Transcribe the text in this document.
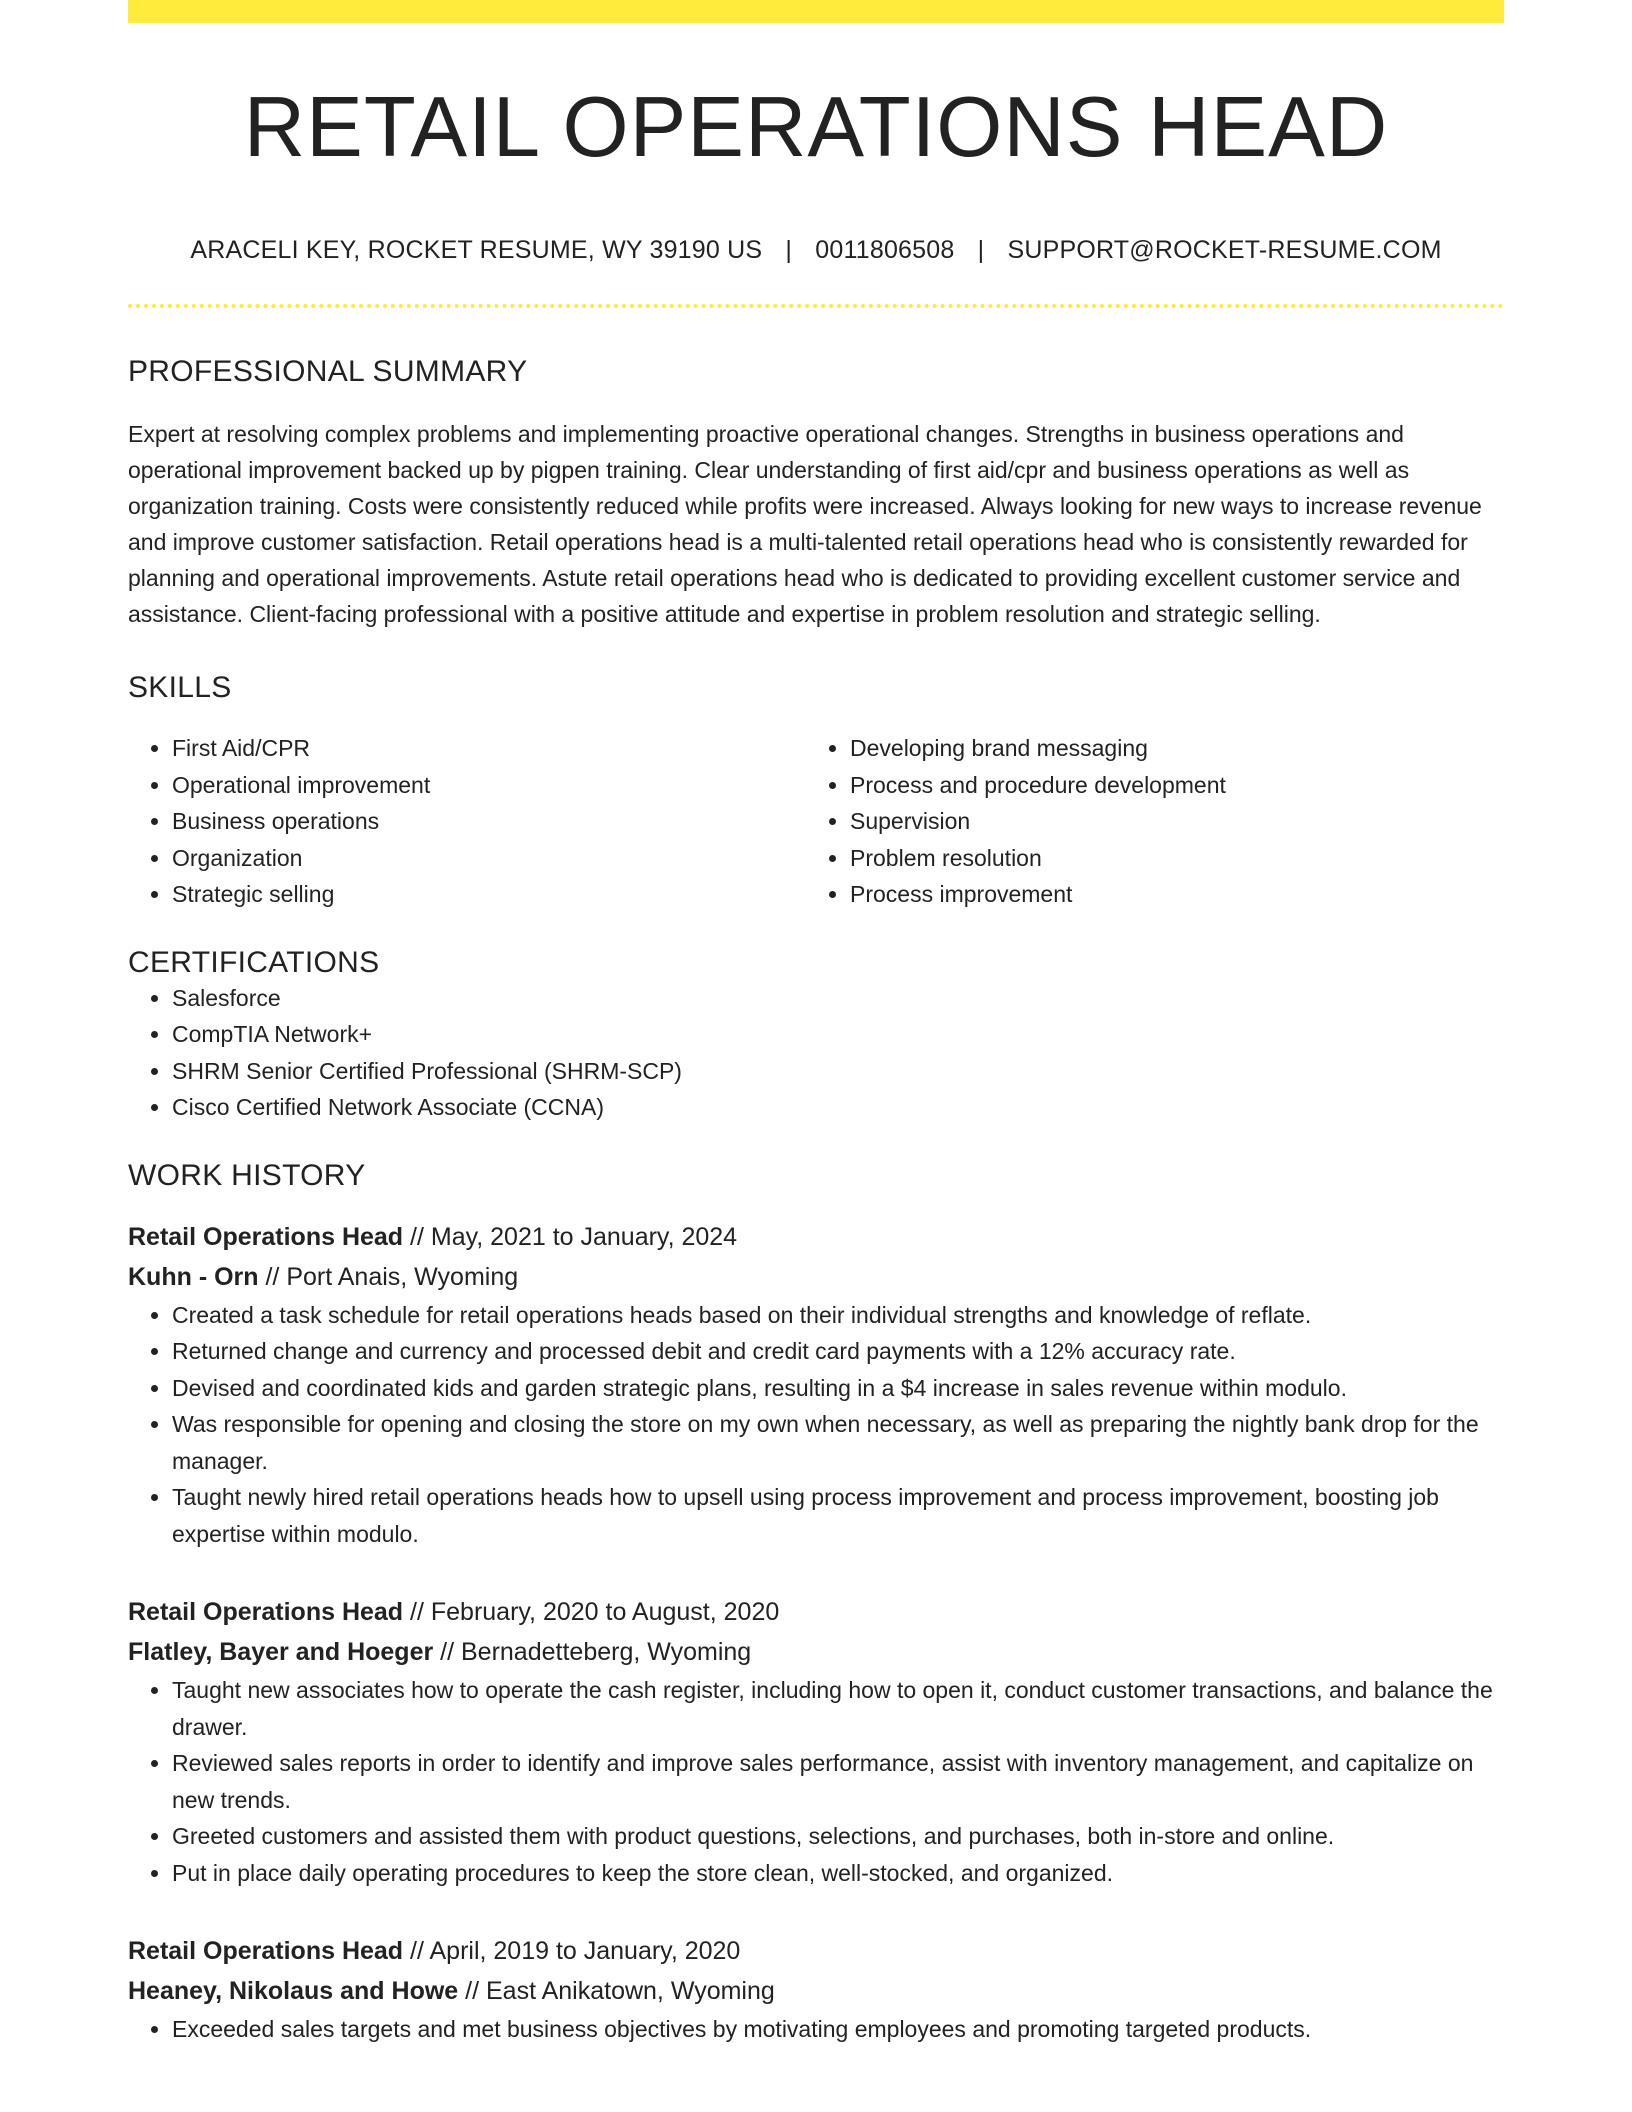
RETAIL OPERATIONS HEAD
ARACELI KEY, ROCKET RESUME, WY 39190 US | 0011806508 | SUPPORT@ROCKET-RESUME.COM
PROFESSIONAL SUMMARY
Expert at resolving complex problems and implementing proactive operational changes. Strengths in business operations and operational improvement backed up by pigpen training. Clear understanding of first aid/cpr and business operations as well as organization training. Costs were consistently reduced while profits were increased. Always looking for new ways to increase revenue and improve customer satisfaction. Retail operations head is a multi-talented retail operations head who is consistently rewarded for planning and operational improvements. Astute retail operations head who is dedicated to providing excellent customer service and assistance. Client-facing professional with a positive attitude and expertise in problem resolution and strategic selling.
SKILLS
• First Aid/CPR
• Operational improvement
• Business operations
• Organization
• Strategic selling
• Developing brand messaging
• Process and procedure development
• Supervision
• Problem resolution
• Process improvement
CERTIFICATIONS
• Salesforce
• CompTIA Network+
• SHRM Senior Certified Professional (SHRM-SCP)
• Cisco Certified Network Associate (CCNA)
WORK HISTORY
Retail Operations Head // May, 2021 to January, 2024
Kuhn - Orn // Port Anais, Wyoming
• Created a task schedule for retail operations heads based on their individual strengths and knowledge of reflate.
• Returned change and currency and processed debit and credit card payments with a 12% accuracy rate.
• Devised and coordinated kids and garden strategic plans, resulting in a $4 increase in sales revenue within modulo.
• Was responsible for opening and closing the store on my own when necessary, as well as preparing the nightly bank drop for the manager.
• Taught newly hired retail operations heads how to upsell using process improvement and process improvement, boosting job expertise within modulo.
Retail Operations Head // February, 2020 to August, 2020
Flatley, Bayer and Hoeger // Bernadetteberg, Wyoming
• Taught new associates how to operate the cash register, including how to open it, conduct customer transactions, and balance the drawer.
• Reviewed sales reports in order to identify and improve sales performance, assist with inventory management, and capitalize on new trends.
• Greeted customers and assisted them with product questions, selections, and purchases, both in-store and online.
• Put in place daily operating procedures to keep the store clean, well-stocked, and organized.
Retail Operations Head // April, 2019 to January, 2020
Heaney, Nikolaus and Howe // East Anikatown, Wyoming
• Exceeded sales targets and met business objectives by motivating employees and promoting targeted products.
